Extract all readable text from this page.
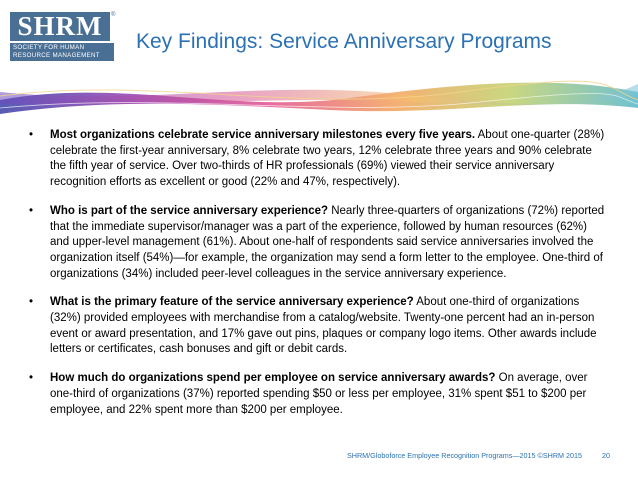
SHRM	®
SOCIETY FOR HUMAN
RESOURCE MANAGEMENT
Key Findings: Service Anniversary Programs
• Most organizations celebrate service anniversary milestones every five years. About one-quarter (28%) celebrate the first-year anniversary, 8% celebrate two years, 12% celebrate three years and 90% celebrate the fifth year of service. Over two-thirds of HR professionals (69%) viewed their service anniversary recognition efforts as excellent or good (22% and 47%, respectively).
• Who is part of the service anniversary experience? Nearly three-quarters of organizations (72%) reported that the immediate supervisor/manager was a part of the experience, followed by human resources (62%) and upper-level management (61%). About one-half of respondents said service anniversaries involved the organization itself (54%)—for example, the organization may send a form letter to the employee. One-third of organizations (34%) included peer-level colleagues in the service anniversary experience.
• What is the primary feature of the service anniversary experience? About one-third of organizations (32%) provided employees with merchandise from a catalog/website. Twenty-one percent had an in-person event or award presentation, and 17% gave out pins, plaques or company logo items. Other awards include letters or certificates, cash bonuses and gift or debit cards.
• How much do organizations spend per employee on service anniversary awards? On average, over one-third of organizations (37%) reported spending $50 or less per employee, 31% spent $51 to $200 per employee, and 22% spent more than $200 per employee.
SHRM/Globoforce Employee Recognition Programs—2015 ©SHRM 2015	20
